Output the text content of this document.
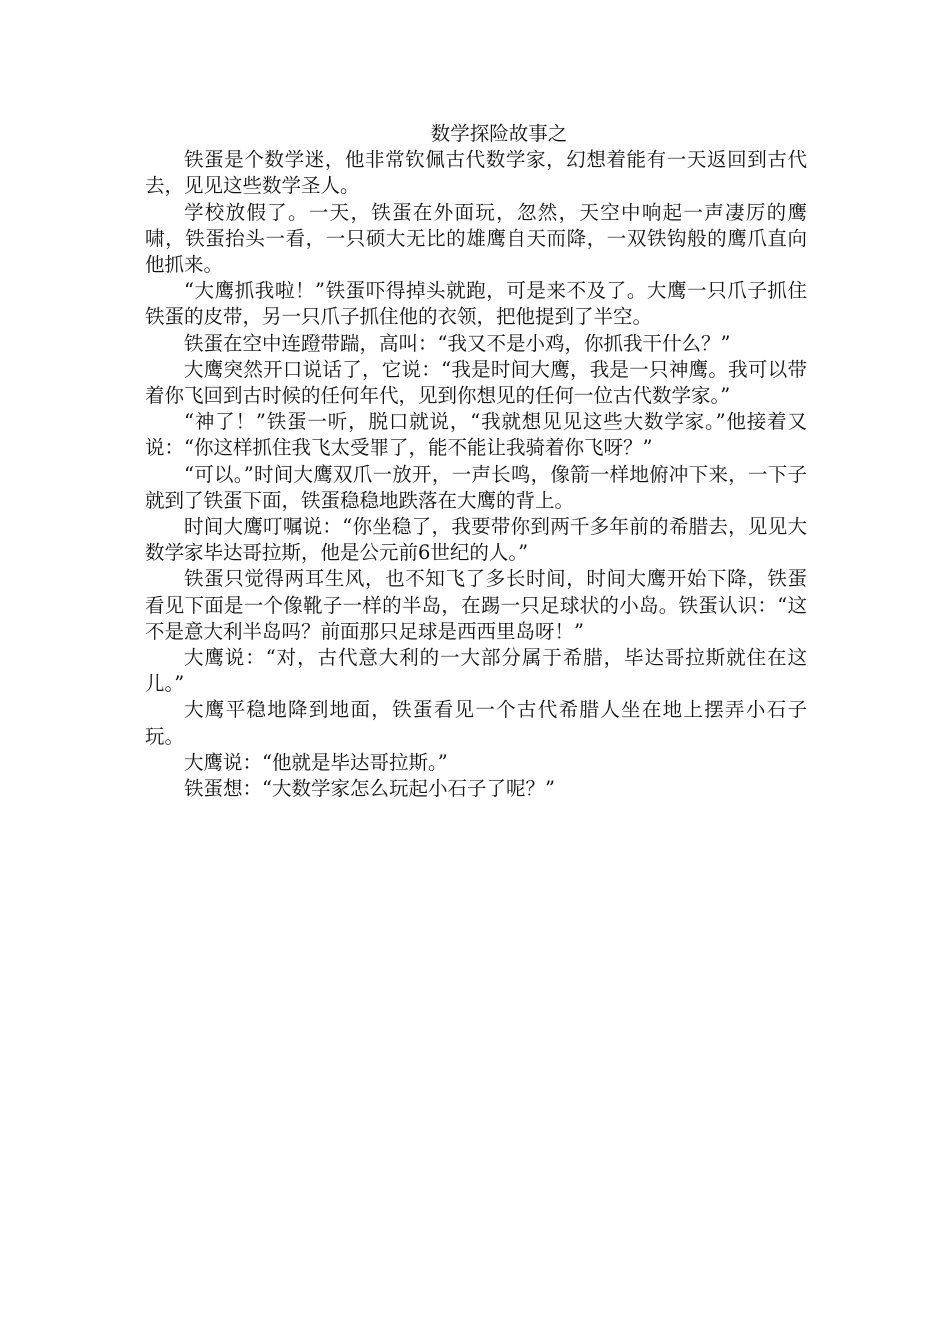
数学探险故事之

铁蛋是个数学迷，他非常钦佩古代数学家，幻想着能有一天返回到古代去，见见这些数学圣人。

学校放假了。一天，铁蛋在外面玩，忽然，天空中响起一声凄厉的鹰啸，铁蛋抬头一看，一只硕大无比的雄鹰自天而降，一双铁钩般的鹰爪直向他抓来。

“大鹰抓我啦！”铁蛋吓得掉头就跑，可是来不及了。大鹰一只爪子抓住铁蛋的皮带，另一只爪子抓住他的衣领，把他提到了半空。

铁蛋在空中连蹬带踹，高叫：“我又不是小鸡，你抓我干什么？”

大鹰突然开口说话了，它说：“我是时间大鹰，我是一只神鹰。我可以带着你飞回到古时候的任何年代，见到你想见的任何一位古代数学家。”

“神了！”铁蛋一听，脱口就说，“我就想见见这些大数学家。”他接着又说：“你这样抓住我飞太受罪了，能不能让我骑着你飞呀？”

“可以。”时间大鹰双爪一放开，一声长鸣，像箭一样地俯冲下来，一下子就到了铁蛋下面，铁蛋稳稳地跌落在大鹰的背上。

时间大鹰叮嘱说：“你坐稳了，我要带你到两千多年前的希腊去，见见大数学家毕达哥拉斯，他是公元前6世纪的人。”

铁蛋只觉得两耳生风，也不知飞了多长时间，时间大鹰开始下降，铁蛋看见下面是一个像靴子一样的半岛，在踢一只足球状的小岛。铁蛋认识：“这不是意大利半岛吗？前面那只足球是西西里岛呀！”

大鹰说：“对，古代意大利的一大部分属于希腊，毕达哥拉斯就住在这儿。”

大鹰平稳地降到地面，铁蛋看见一个古代希腊人坐在地上摆弄小石子玩。

大鹰说：“他就是毕达哥拉斯。”

铁蛋想：“大数学家怎么玩起小石子了呢？”
